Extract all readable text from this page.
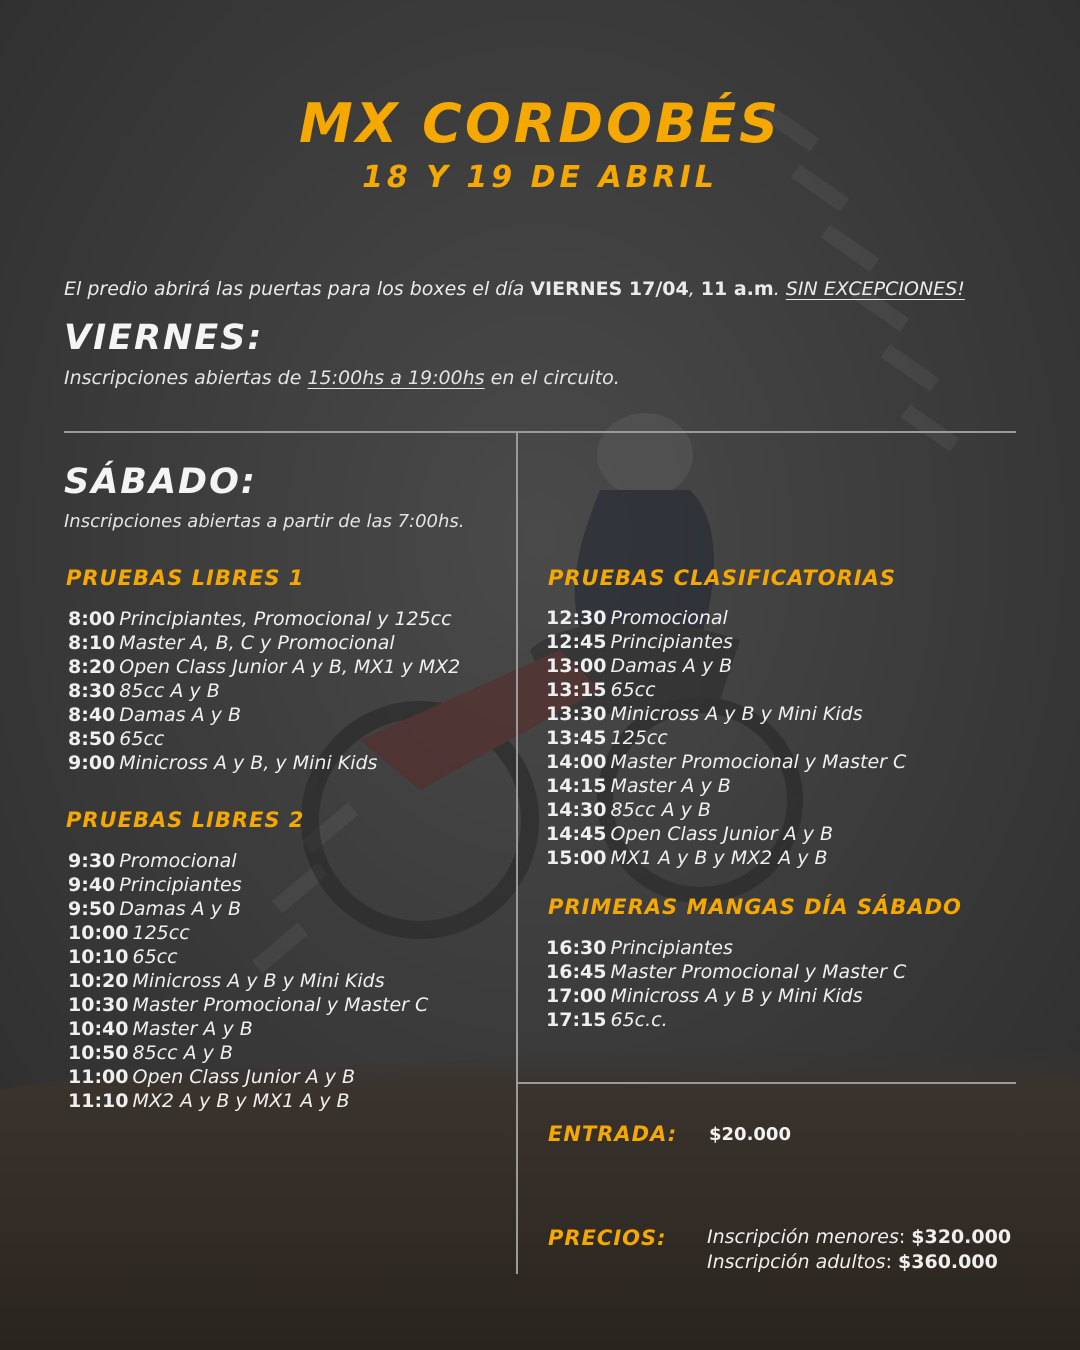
MX CORDOBÉS
18 Y 19 DE ABRIL
El predio abrirá las puertas para los boxes el día VIERNES 17/04, 11 a.m. SIN EXCEPCIONES!
VIERNES:
Inscripciones abiertas de 15:00hs a 19:00hs en el circuito.
SÁBADO:
Inscripciones abiertas a partir de las 7:00hs.
PRUEBAS LIBRES 1
8:00 Principiantes, Promocional y 125cc
8:10 Master A, B, C y Promocional
8:20 Open Class Junior A y B, MX1 y MX2
8:30 85cc A y B
8:40 Damas A y B
8:50 65cc
9:00 Minicross A y B, y Mini Kids
PRUEBAS LIBRES 2
9:30 Promocional
9:40 Principiantes
9:50 Damas A y B
10:00 125cc
10:10 65cc
10:20 Minicross A y B y Mini Kids
10:30 Master Promocional y Master C
10:40 Master A y B
10:50 85cc A y B
11:00 Open Class Junior A y B
11:10 MX2 A y B y MX1 A y B
PRUEBAS CLASIFICATORIAS
12:30 Promocional
12:45 Principiantes
13:00 Damas A y B
13:15 65cc
13:30 Minicross A y B y Mini Kids
13:45 125cc
14:00 Master Promocional y Master C
14:15 Master A y B
14:30 85cc A y B
14:45 Open Class Junior A y B
15:00 MX1 A y B y MX2 A y B
PRIMERAS MANGAS DÍA SÁBADO
16:30 Principiantes
16:45 Master Promocional y Master C
17:00 Minicross A y B y Mini Kids
17:15 65c.c.
ENTRADA: $20.000
PRECIOS: Inscripción menores: $320.000
Inscripción adultos: $360.000
